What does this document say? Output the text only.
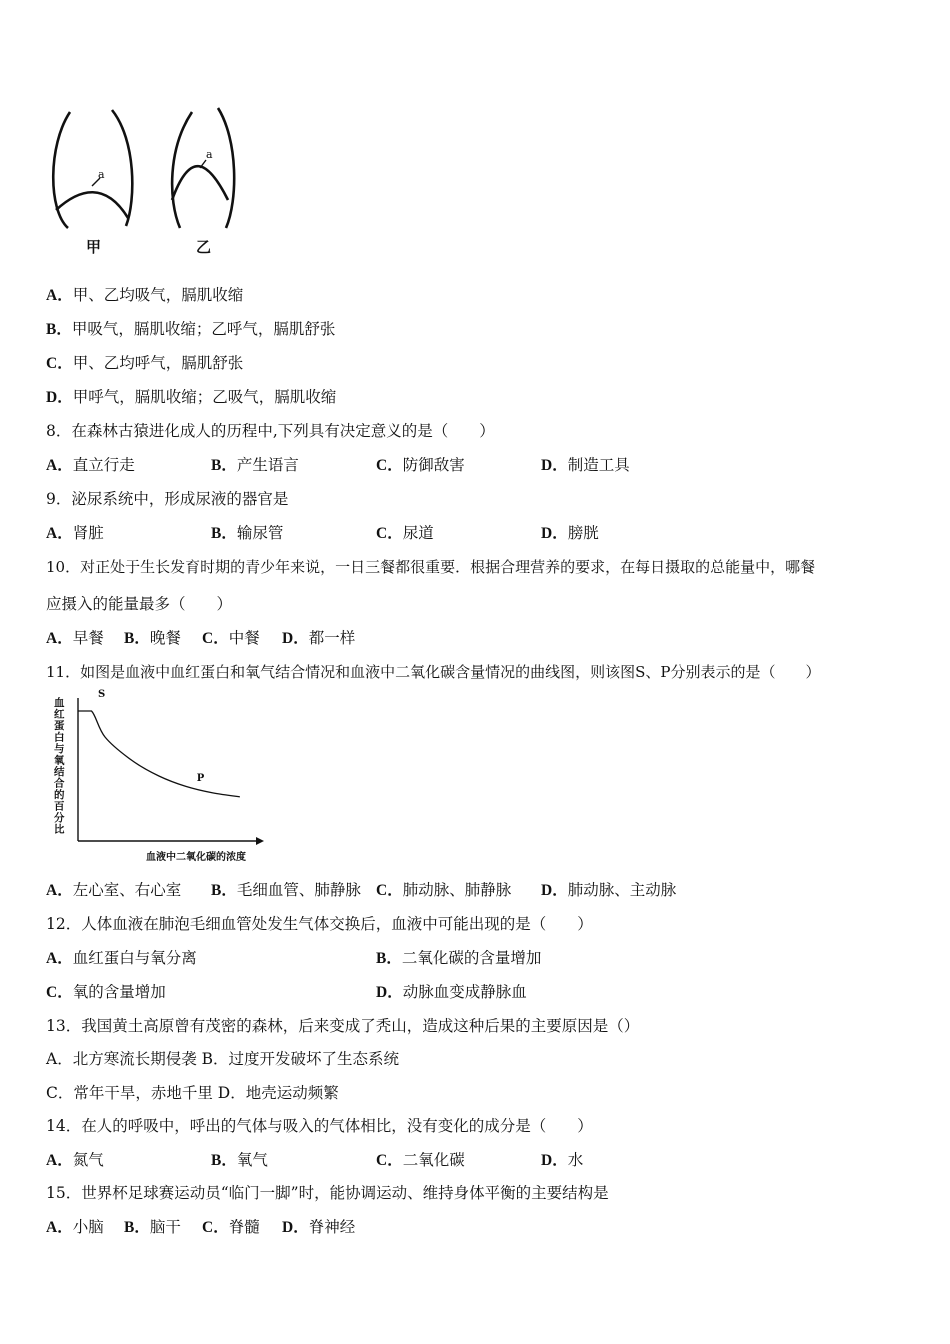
a
甲
a
乙
A．甲、乙均吸气，膈肌收缩
B．甲吸气，膈肌收缩；乙呼气，膈肌舒张
C．甲、乙均呼气，膈肌舒张
D．甲呼气，膈肌收缩；乙吸气，膈肌收缩
8．在森林古猿进化成人的历程中,下列具有决定意义的是（　　）
A．直立行走	B．产生语言	C．防御敌害	D．制造工具
9．泌尿系统中，形成尿液的器官是
A．肾脏	B．输尿管	C．尿道	D．膀胱
10．对正处于生长发育时期的青少年来说，一日三餐都很重要．根据合理营养的要求，在每日摄取的总能量中，哪餐
应摄入的能量最多（　　）
A．早餐 B．晚餐 C．中餐 D．都一样
11．如图是血液中血红蛋白和氧气结合情况和血液中二氧化碳含量情况的曲线图，则该图S、P分别表示的是（　　）
血
红
蛋
白
与
氧
结
合
的
百
分
比
S
P
血液中二氧化碳的浓度
A．左心室、右心室 B．毛细血管、肺静脉 C．肺动脉、肺静脉 D．肺动脉、主动脉
12．人体血液在肺泡毛细血管处发生气体交换后，血液中可能出现的是（　　）
A．血红蛋白与氧分离	B．二氧化碳的含量增加
C．氧的含量增加	D．动脉血变成静脉血
13．我国黄土高原曾有茂密的森林，后来变成了秃山，造成这种后果的主要原因是（）
A．北方寒流长期侵袭 B．过度开发破坏了生态系统
C．常年干旱，赤地千里 D．地壳运动频繁
14．在人的呼吸中，呼出的气体与吸入的气体相比，没有变化的成分是（　　）
A．氮气	B．氧气	C．二氧化碳	D．水
15．世界杯足球赛运动员“临门一脚”时，能协调运动、维持身体平衡的主要结构是
A．小脑 B．脑干 C．脊髓 D．脊神经
